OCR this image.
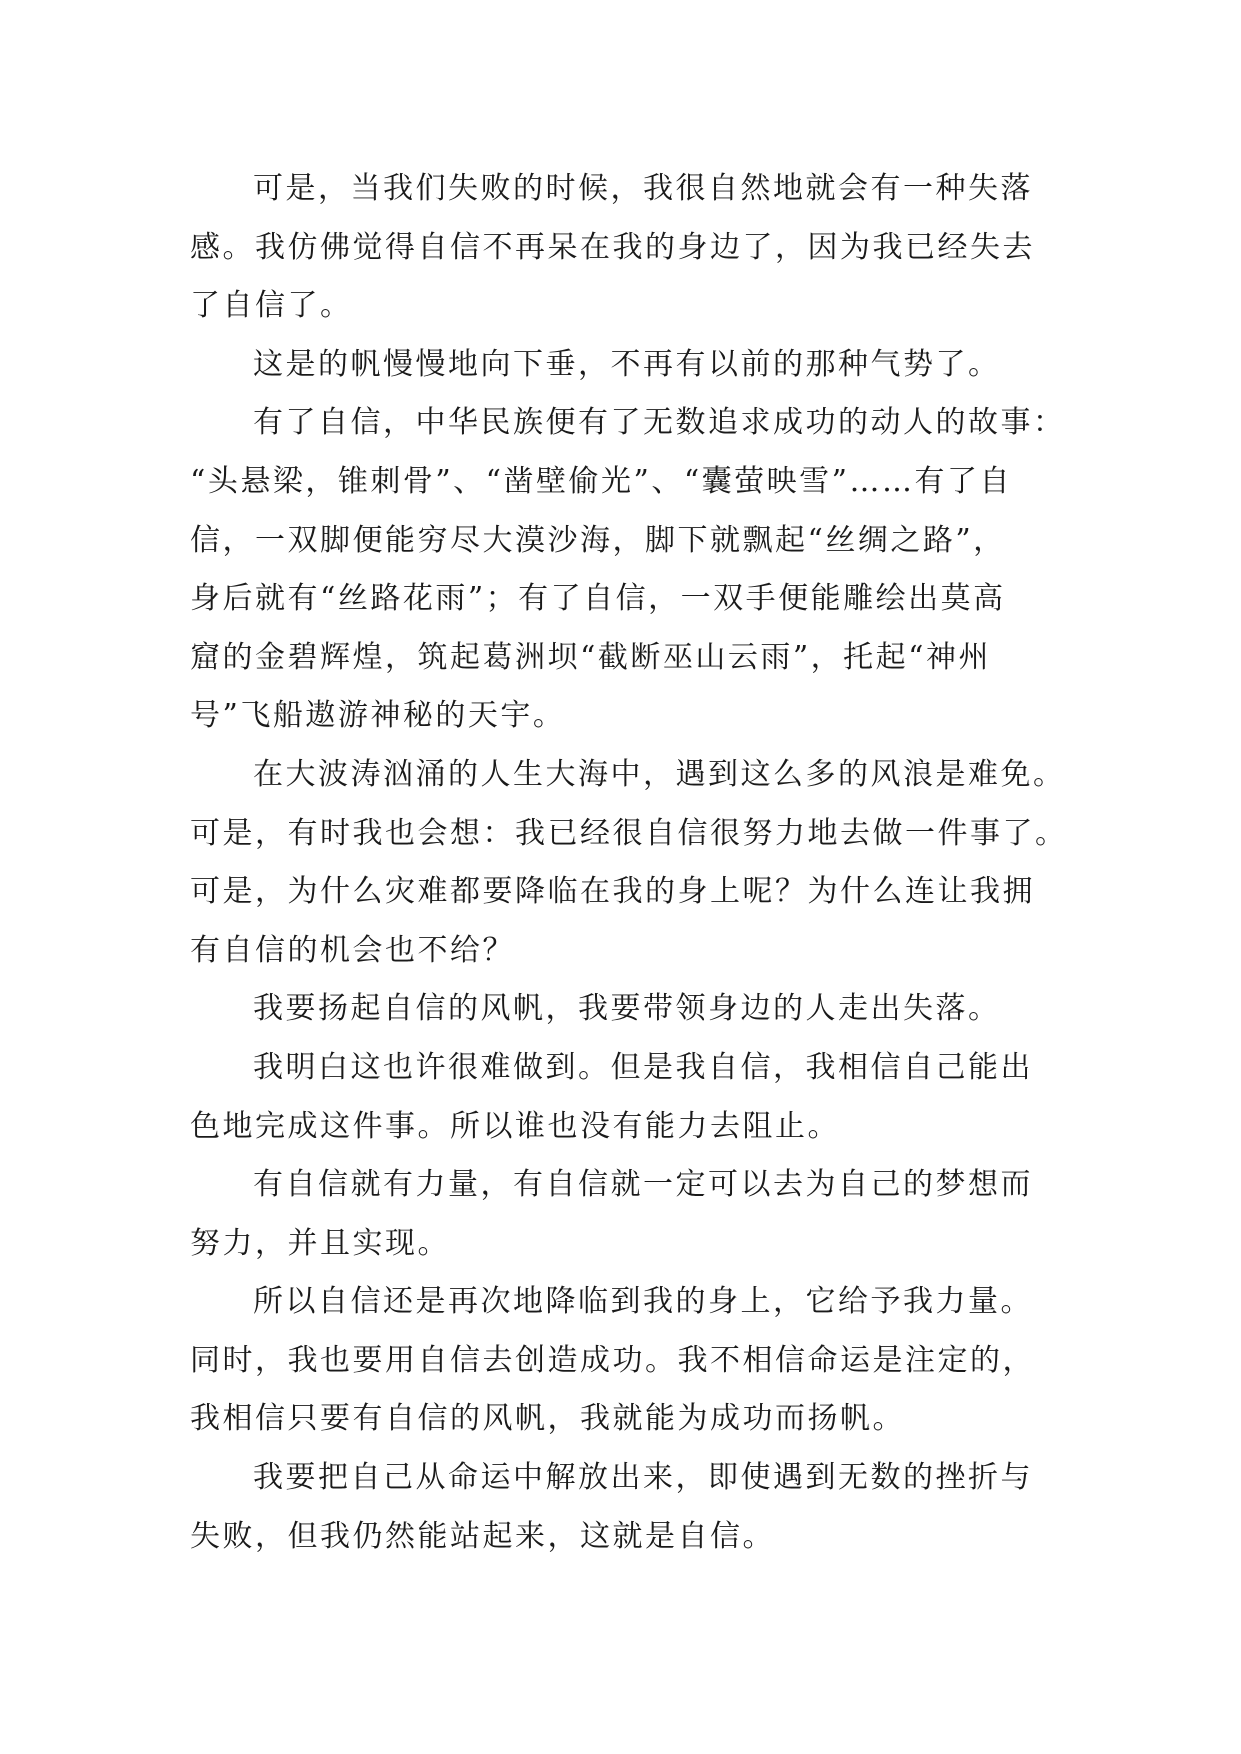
可是，当我们失败的时候，我很自然地就会有一种失落
感。我仿佛觉得自信不再呆在我的身边了，因为我已经失去
了自信了。

这是的帆慢慢地向下垂，不再有以前的那种气势了。

有了自信，中华民族便有了无数追求成功的动人的故事：
“头悬梁，锥刺骨”、“凿壁偷光”、“囊萤映雪”……有了自
信，一双脚便能穷尽大漠沙海，脚下就飘起“丝绸之路”，
身后就有“丝路花雨”；有了自信，一双手便能雕绘出莫高
窟的金碧辉煌，筑起葛洲坝“截断巫山云雨”，托起“神州
号”飞船遨游神秘的天宇。

在大波涛汹涌的人生大海中，遇到这么多的风浪是难免。
可是，有时我也会想：我已经很自信很努力地去做一件事了。
可是，为什么灾难都要降临在我的身上呢？为什么连让我拥
有自信的机会也不给？

我要扬起自信的风帆，我要带领身边的人走出失落。

我明白这也许很难做到。但是我自信，我相信自己能出
色地完成这件事。所以谁也没有能力去阻止。

有自信就有力量，有自信就一定可以去为自己的梦想而
努力，并且实现。

所以自信还是再次地降临到我的身上，它给予我力量。
同时，我也要用自信去创造成功。我不相信命运是注定的，
我相信只要有自信的风帆，我就能为成功而扬帆。

我要把自己从命运中解放出来，即使遇到无数的挫折与
失败，但我仍然能站起来，这就是自信。
